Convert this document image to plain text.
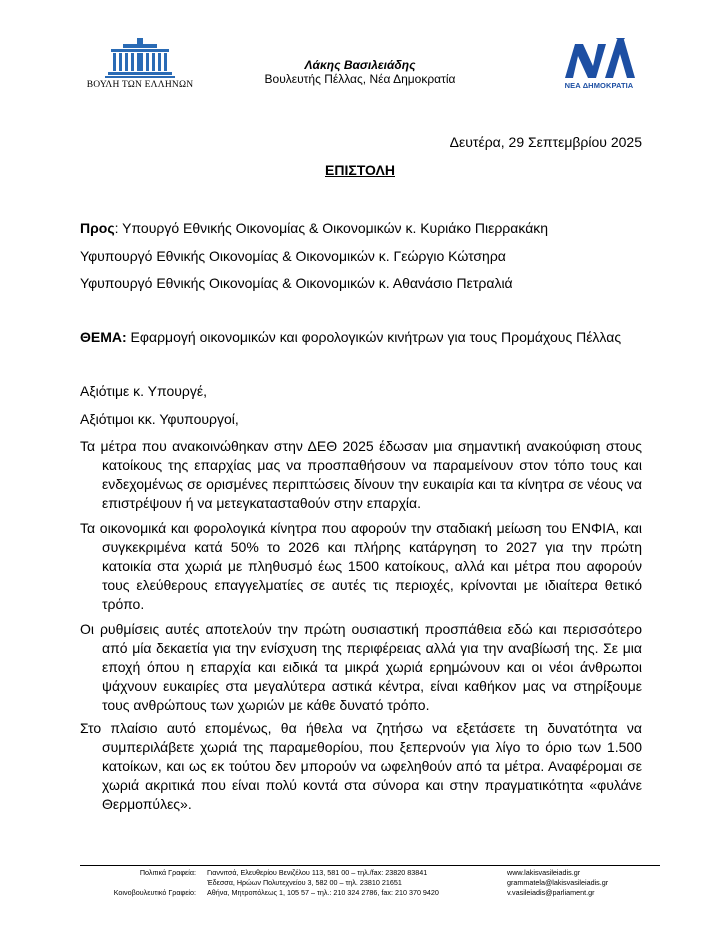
ΒΟΥΛΗ ΤΩΝ ΕΛΛΗΝΩΝ
Λάκης Βασιλειάδης
Βουλευτής Πέλλας, Νέα Δημοκρατία	ΝΕΑ ΔΗΜΟΚΡΑΤΙΑ
Δευτέρα, 29 Σεπτεμβρίου 2025
ΕΠΙΣΤΟΛΗ
Προς: Υπουργό Εθνικής Οικονομίας & Οικονομικών κ. Κυριάκο Πιερρακάκη
Υφυπουργό Εθνικής Οικονομίας & Οικονομικών κ. Γεώργιο Κώτσηρα
Υφυπουργό Εθνικής Οικονομίας & Οικονομικών κ. Αθανάσιο Πετραλιά
ΘΕΜΑ: Εφαρμογή οικονομικών και φορολογικών κινήτρων για τους Προμάχους Πέλλας
Αξιότιμε κ. Υπουργέ,
Αξιότιμοι κκ. Υφυπουργοί,
Τα μέτρα που ανακοινώθηκαν στην ΔΕΘ 2025 έδωσαν μια σημαντική ανακούφιση στους κατοίκους της επαρχίας μας να προσπαθήσουν να παραμείνουν στον τόπο τους και ενδεχομένως σε ορισμένες περιπτώσεις δίνουν την ευκαιρία και τα κίνητρα σε νέους να επιστρέψουν ή να μετεγκατασταθούν στην επαρχία.
Τα οικονομικά και φορολογικά κίνητρα που αφορούν την σταδιακή μείωση του ΕΝΦΙΑ, και συγκεκριμένα κατά 50% το 2026 και πλήρης κατάργηση το 2027 για την πρώτη κατοικία στα χωριά με πληθυσμό έως 1500 κατοίκους, αλλά και μέτρα που αφορούν τους ελεύθερους επαγγελματίες σε αυτές τις περιοχές, κρίνονται με ιδιαίτερα θετικό τρόπο.
Οι ρυθμίσεις αυτές αποτελούν την πρώτη ουσιαστική προσπάθεια εδώ και περισσότερο από μία δεκαετία για την ενίσχυση της περιφέρειας αλλά για την αναβίωσή της. Σε μια εποχή όπου η επαρχία και ειδικά τα μικρά χωριά ερημώνουν και οι νέοι άνθρωποι ψάχνουν ευκαιρίες στα μεγαλύτερα αστικά κέντρα, είναι καθήκον μας να στηρίξουμε τους ανθρώπους των χωριών με κάθε δυνατό τρόπο.
Στο πλαίσιο αυτό επομένως, θα ήθελα να ζητήσω να εξετάσετε τη δυνατότητα να συμπεριλάβετε χωριά της παραμεθορίου, που ξεπερνούν για λίγο το όριο των 1.500 κατοίκων, και ως εκ τούτου δεν μπορούν να ωφεληθούν από τα μέτρα. Αναφέρομαι σε χωριά ακριτικά που είναι πολύ κοντά στα σύνορα και στην πραγματικότητα «φυλάνε Θερμοπύλες».
Πολιτικά Γραφεία:
Κοινοβουλευτικό Γραφείο:
Γιαννιτσά, Ελευθερίου Βενιζέλου 113, 581 00 – τηλ./fax: 23820 83841
Έδεσσα, Ηρώων Πολυτεχνείου 3, 582 00 – τηλ. 23810 21651
Αθήνα, Μητροπόλεως 1, 105 57 – τηλ.: 210 324 2786, fax: 210 370 9420
www.lakisvasileiadis.gr
grammatela@lakisvasileiadis.gr
v.vasileiadis@parliament.gr
